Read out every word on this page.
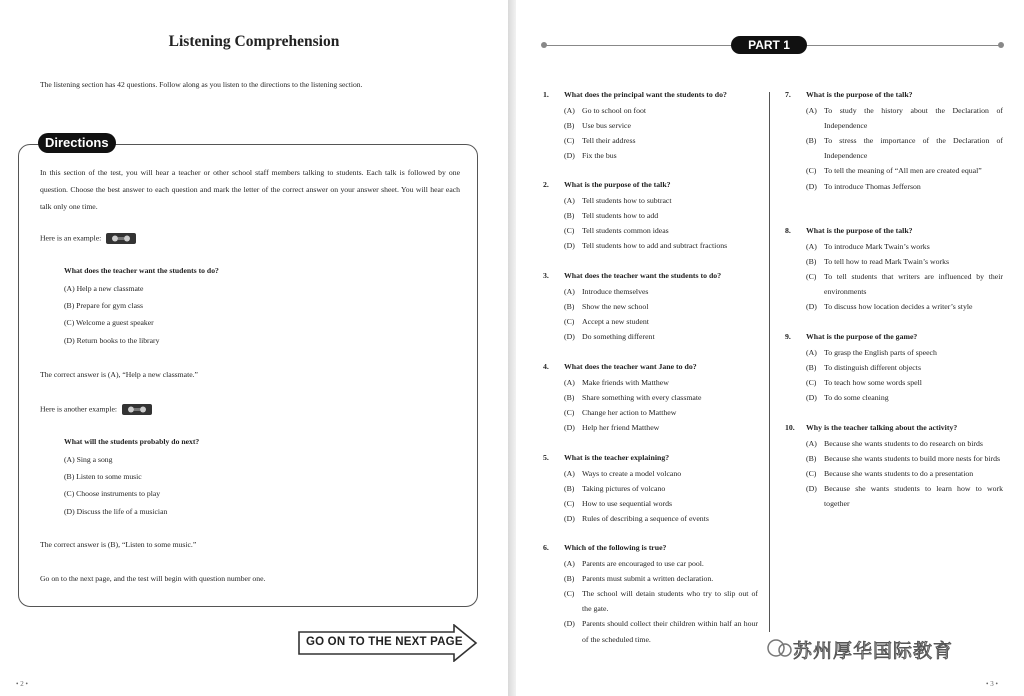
Listening Comprehension
The listening section has 42 questions. Follow along as you listen to the directions to the listening section.
Directions
In this section of the test, you will hear a teacher or other school staff members talking to students. Each talk is followed by one question. Choose the best answer to each question and mark the letter of the correct answer on your answer sheet. You will hear each talk only one time.
Here is an example:
What does the teacher want the students to do?
(A) Help a new classmate
(B) Prepare for gym class
(C) Welcome a guest speaker
(D) Return books to the library
The correct answer is (A), “Help a new classmate.”
Here is another example:
What will the students probably do next?
(A) Sing a song
(B) Listen to some music
(C) Choose instruments to play
(D) Discuss the life of a musician
The correct answer is (B), “Listen to some music.”
Go on to the next page, and the test will begin with question number one.
GO ON TO THE NEXT PAGE
• 2 •
PART 1
1. What does the principal want the students to do?
(A) Go to school on foot
(B) Use bus service
(C) Tell their address
(D) Fix the bus
2. What is the purpose of the talk?
(A) Tell students how to subtract
(B) Tell students how to add
(C) Tell students common ideas
(D) Tell students how to add and subtract fractions
3. What does the teacher want the students to do?
(A) Introduce themselves
(B) Show the new school
(C) Accept a new student
(D) Do something different
4. What does the teacher want Jane to do?
(A) Make friends with Matthew
(B) Share something with every classmate
(C) Change her action to Matthew
(D) Help her friend Matthew
5. What is the teacher explaining?
(A) Ways to create a model volcano
(B) Taking pictures of volcano
(C) How to use sequential words
(D) Rules of describing a sequence of events
6. Which of the following is true?
(A) Parents are encouraged to use car pool.
(B) Parents must submit a written declaration.
(C) The school will detain students who try to slip out of the gate.
(D) Parents should collect their children within half an hour of the scheduled time.
7. What is the purpose of the talk?
(A) To study the history about the Declaration of Independence
(B) To stress the importance of the Declaration of Independence
(C) To tell the meaning of “All men are created equal”
(D) To introduce Thomas Jefferson
8. What is the purpose of the talk?
(A) To introduce Mark Twain’s works
(B) To tell how to read Mark Twain’s works
(C) To tell students that writers are influenced by their environments
(D) To discuss how location decides a writer’s style
9. What is the purpose of the game?
(A) To grasp the English parts of speech
(B) To distinguish different objects
(C) To teach how some words spell
(D) To do some cleaning
10. Why is the teacher talking about the activity?
(A) Because she wants students to do research on birds
(B) Because she wants students to build more nests for birds
(C) Because she wants students to do a presentation
(D) Because she wants students to learn how to work together
苏州厚华国际教育
• 3 •
